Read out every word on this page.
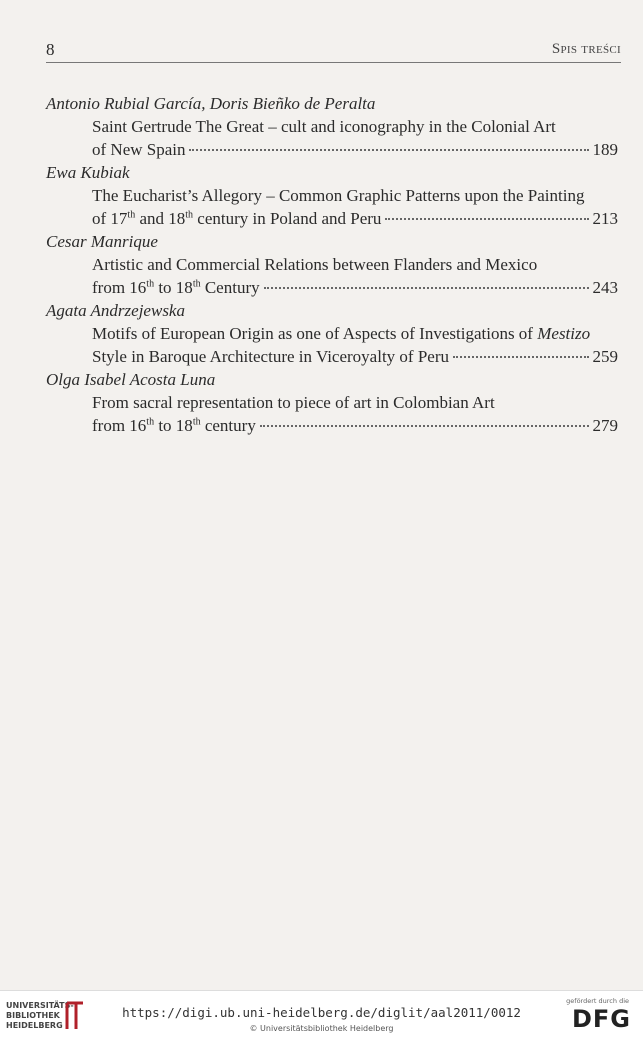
8	Spis treści
Antonio Rubial García, Doris Bieñko de Peralta
Saint Gertrude The Great – cult and iconography in the Colonial Art
of New Spain	189
Ewa Kubiak
The Eucharist’s Allegory – Common Graphic Patterns upon the Painting
of 17th and 18th century in Poland and Peru	213
Cesar Manrique
Artistic and Commercial Relations between Flanders and Mexico
from 16th to 18th Century	243
Agata Andrzejewska
Motifs of European Origin as one of Aspects of Investigations of Mestizo
Style in Baroque Architecture in Viceroyalty of Peru	259
Olga Isabel Acosta Luna
From sacral representation to piece of art in Colombian Art
from 16th to 18th century	279
UNIVERSITÄTS-
BIBLIOTHEK
HEIDELBERG
https://digi.ub.uni-heidelberg.de/diglit/aal2011/0012
© Universitätsbibliothek Heidelberg
gefördert durch die
DFG
